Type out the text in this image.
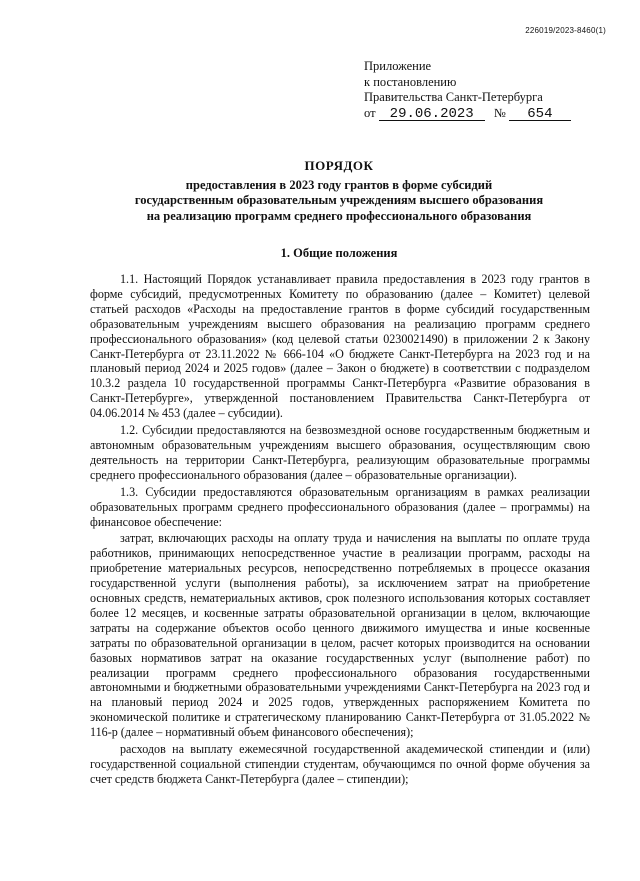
226019/2023-8460(1)
Приложение
к постановлению
Правительства Санкт-Петербурга
от 29.06.2023 № 654
ПОРЯДОК
предоставления в 2023 году грантов в форме субсидий
государственным образовательным учреждениям высшего образования
на реализацию программ среднего профессионального образования
1. Общие положения

1.1. Настоящий Порядок устанавливает правила предоставления в 2023 году грантов в форме субсидий, предусмотренных Комитету по образованию (далее – Комитет) целевой статьей расходов «Расходы на предоставление грантов в форме субсидий государственным образовательным учреждениям высшего образования на реализацию программ среднего профессионального образования» (код целевой статьи 0230021490) в приложении 2 к Закону Санкт-Петербурга от 23.11.2022 № 666-104 «О бюджете Санкт-Петербурга на 2023 год и на плановый период 2024 и 2025 годов» (далее – Закон о бюджете) в соответствии с подразделом 10.3.2 раздела 10 государственной программы Санкт-Петербурга «Развитие образования в Санкт-Петербурге», утвержденной постановлением Правительства Санкт-Петербурга от 04.06.2014 № 453 (далее – субсидии).

1.2. Субсидии предоставляются на безвозмездной основе государственным бюджетным и автономным образовательным учреждениям высшего образования, осуществляющим свою деятельность на территории Санкт-Петербурга, реализующим образовательные программы среднего профессионального образования (далее – образовательные организации).

1.3. Субсидии предоставляются образовательным организациям в рамках реализации образовательных программ среднего профессионального образования (далее – программы) на финансовое обеспечение:

затрат, включающих расходы на оплату труда и начисления на выплаты по оплате труда работников, принимающих непосредственное участие в реализации программ, расходы на приобретение материальных ресурсов, непосредственно потребляемых в процессе оказания государственной услуги (выполнения работы), за исключением затрат на приобретение основных средств, нематериальных активов, срок полезного использования которых составляет более 12 месяцев, и косвенные затраты образовательной организации в целом, включающие затраты на содержание объектов особо ценного движимого имущества и иные косвенные затраты по образовательной организации в целом, расчет которых производится на основании базовых нормативов затрат на оказание государственных услуг (выполнение работ) по реализации программ среднего профессионального образования государственными автономными и бюджетными образовательными учреждениями Санкт-Петербурга на 2023 год и на плановый период 2024 и 2025 годов, утвержденных распоряжением Комитета по экономической политике и стратегическому планированию Санкт-Петербурга от 31.05.2022 № 116-р (далее – нормативный объем финансового обеспечения);

расходов на выплату ежемесячной государственной академической стипендии и (или) государственной социальной стипендии студентам, обучающимся по очной форме обучения за счет средств бюджета Санкт-Петербурга (далее – стипендии);
